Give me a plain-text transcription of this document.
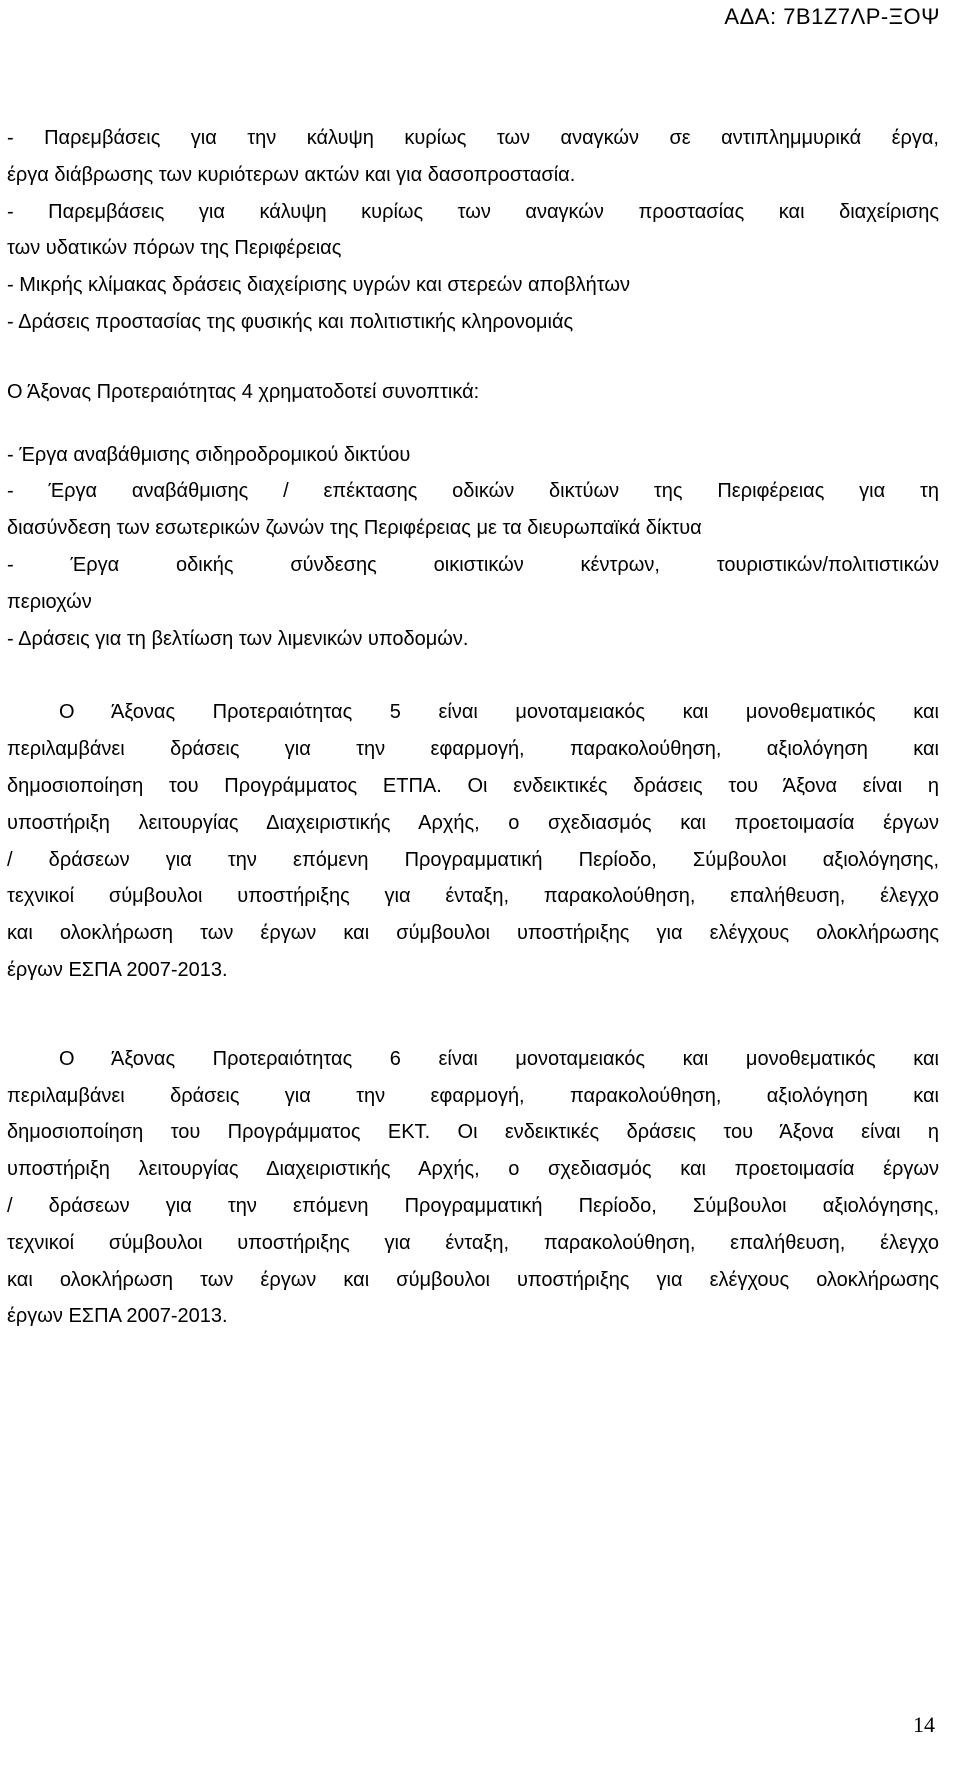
ΑΔΑ: 7Β1Ζ7ΛΡ-ΞΟΨ
- Παρεμβάσεις για την κάλυψη κυρίως των αναγκών σε αντιπλημμυρικά έργα,
έργα διάβρωσης των κυριότερων ακτών και για δασοπροστασία.
- Παρεμβάσεις για κάλυψη κυρίως των αναγκών προστασίας και διαχείρισης
των υδατικών πόρων της Περιφέρειας
- Μικρής κλίμακας δράσεις διαχείρισης υγρών και στερεών αποβλήτων
- Δράσεις προστασίας της φυσικής και πολιτιστικής κληρονομιάς
Ο Άξονας Προτεραιότητας 4 χρηματοδοτεί συνοπτικά:
- Έργα αναβάθμισης σιδηροδρομικού δικτύου
- Έργα αναβάθμισης / επέκτασης οδικών δικτύων της Περιφέρειας για τη
διασύνδεση των εσωτερικών ζωνών της Περιφέρειας με τα διευρωπαϊκά δίκτυα
- Έργα οδικής σύνδεσης οικιστικών κέντρων, τουριστικών/πολιτιστικών
περιοχών
- Δράσεις για τη βελτίωση των λιμενικών υποδομών.
Ο Άξονας Προτεραιότητας 5 είναι μονοταμειακός και μονοθεματικός και
περιλαμβάνει δράσεις για την εφαρμογή, παρακολούθηση, αξιολόγηση και
δημοσιοποίηση του Προγράμματος ΕΤΠΑ. Οι ενδεικτικές δράσεις του Άξονα είναι η
υποστήριξη λειτουργίας Διαχειριστικής Αρχής, ο σχεδιασμός και προετοιμασία έργων
/ δράσεων για την επόμενη Προγραμματική Περίοδο, Σύμβουλοι αξιολόγησης,
τεχνικοί σύμβουλοι υποστήριξης για ένταξη, παρακολούθηση, επαλήθευση, έλεγχο
και ολοκλήρωση των έργων και σύμβουλοι υποστήριξης για ελέγχους ολοκλήρωσης
έργων ΕΣΠΑ 2007-2013.
Ο Άξονας Προτεραιότητας 6 είναι μονοταμειακός και μονοθεματικός και
περιλαμβάνει δράσεις για την εφαρμογή, παρακολούθηση, αξιολόγηση και
δημοσιοποίηση του Προγράμματος ΕΚΤ. Οι ενδεικτικές δράσεις του Άξονα είναι η
υποστήριξη λειτουργίας Διαχειριστικής Αρχής, ο σχεδιασμός και προετοιμασία έργων
/ δράσεων για την επόμενη Προγραμματική Περίοδο, Σύμβουλοι αξιολόγησης,
τεχνικοί σύμβουλοι υποστήριξης για ένταξη, παρακολούθηση, επαλήθευση, έλεγχο
και ολοκλήρωση των έργων και σύμβουλοι υποστήριξης για ελέγχους ολοκλήρωσης
έργων ΕΣΠΑ 2007-2013.
14
